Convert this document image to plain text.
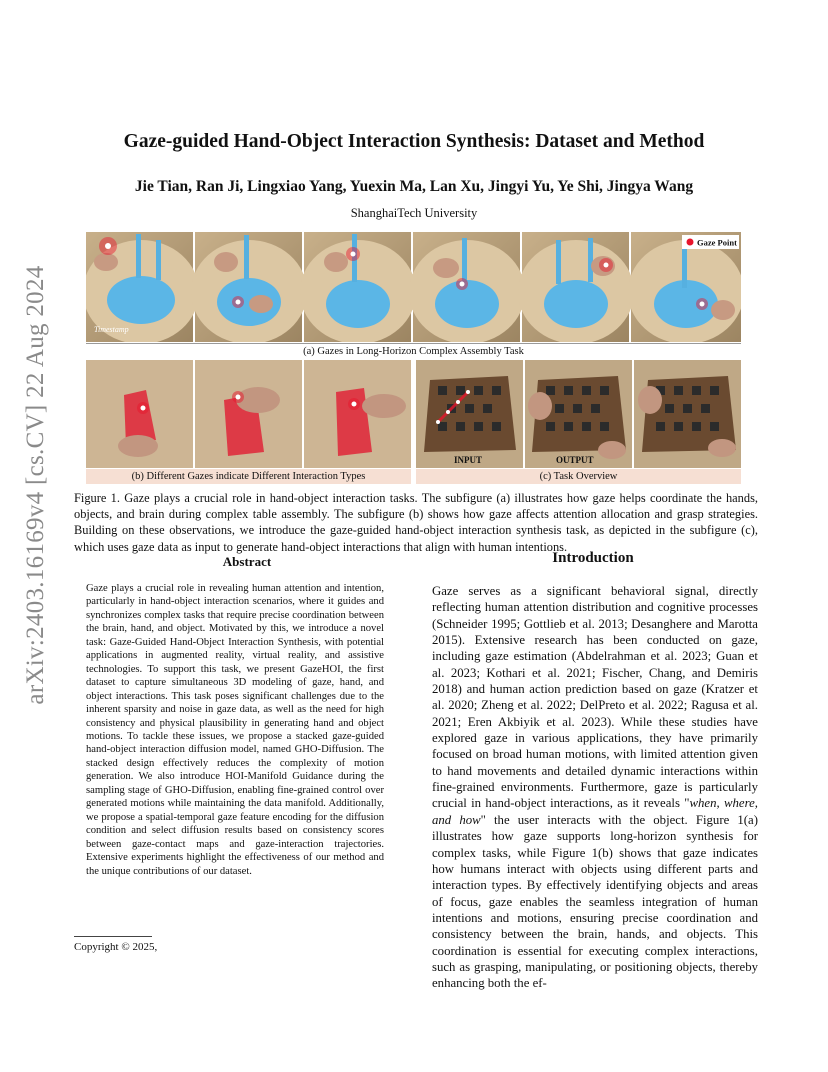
arXiv:2403.16169v4 [cs.CV] 22 Aug 2024
Gaze-guided Hand-Object Interaction Synthesis: Dataset and Method
Jie Tian, Ran Ji, Lingxiao Yang, Yuexin Ma, Lan Xu, Jingyi Yu, Ye Shi, Jingya Wang
ShanghaiTech University
Timestamp
Gaze Point
(a) Gazes in Long-Horizon Complex Assembly Task
INPUT	OUTPUT
(b) Different Gazes indicate Different Interaction Types	(c) Task Overview
Figure 1. Gaze plays a crucial role in hand-object interaction tasks. The subfigure (a) illustrates how gaze helps coordinate the hands, objects, and brain during complex table assembly. The subfigure (b) shows how gaze affects attention allocation and grasp strategies. Building on these observations, we introduce the gaze-guided hand-object interaction synthesis task, as depicted in the subfigure (c), which uses gaze data as input to generate hand-object interactions that align with human intentions.
Abstract	Introduction
Gaze plays a crucial role in revealing human attention and intention, particularly in hand-object interaction scenarios, where it guides and synchronizes complex tasks that require precise coordination between the brain, hand, and object. Motivated by this, we introduce a novel task: Gaze-Guided Hand-Object Interaction Synthesis, with potential applications in augmented reality, virtual reality, and assistive technologies. To support this task, we present GazeHOI, the first dataset to capture simultaneous 3D modeling of gaze, hand, and object interactions. This task poses significant challenges due to the inherent sparsity and noise in gaze data, as well as the need for high consistency and physical plausibility in generating hand and object motions. To tackle these issues, we propose a stacked gaze-guided hand-object interaction diffusion model, named GHO-Diffusion. The stacked design effectively reduces the complexity of motion generation. We also introduce HOI-Manifold Guidance during the sampling stage of GHO-Diffusion, enabling fine-grained control over generated motions while maintaining the data manifold. Additionally, we propose a spatial-temporal gaze feature encoding for the diffusion condition and select diffusion results based on consistency scores between gaze-contact maps and gaze-interaction trajectories. Extensive experiments highlight the effectiveness of our method and the unique contributions of our dataset.
Gaze serves as a significant behavioral signal, directly reflecting human attention distribution and cognitive processes (Schneider 1995; Gottlieb et al. 2013; Desanghere and Marotta 2015). Extensive research has been conducted on gaze, including gaze estimation (Abdelrahman et al. 2023; Guan et al. 2023; Kothari et al. 2021; Fischer, Chang, and Demiris 2018) and human action prediction based on gaze (Kratzer et al. 2020; Zheng et al. 2022; DelPreto et al. 2022; Ragusa et al. 2021; Eren Akbiyik et al. 2023). While these studies have explored gaze in various applications, they have primarily focused on broad human motions, with limited attention given to hand movements and detailed dynamic interactions within fine-grained environments. Furthermore, gaze is particularly crucial in hand-object interactions, as it reveals "when, where, and how" the user interacts with the object. Figure 1(a) illustrates how gaze supports long-horizon synthesis for complex tasks, while Figure 1(b) shows that gaze indicates how humans interact with objects using different parts and interaction types. By effectively identifying objects and areas of focus, gaze enables the seamless integration of human intentions and motions, ensuring precise coordination and consistency between the brain, hands, and objects. This coordination is essential for executing complex interactions, such as grasping, manipulating, or positioning objects, thereby enhancing both the ef-
Copyright © 2025,
